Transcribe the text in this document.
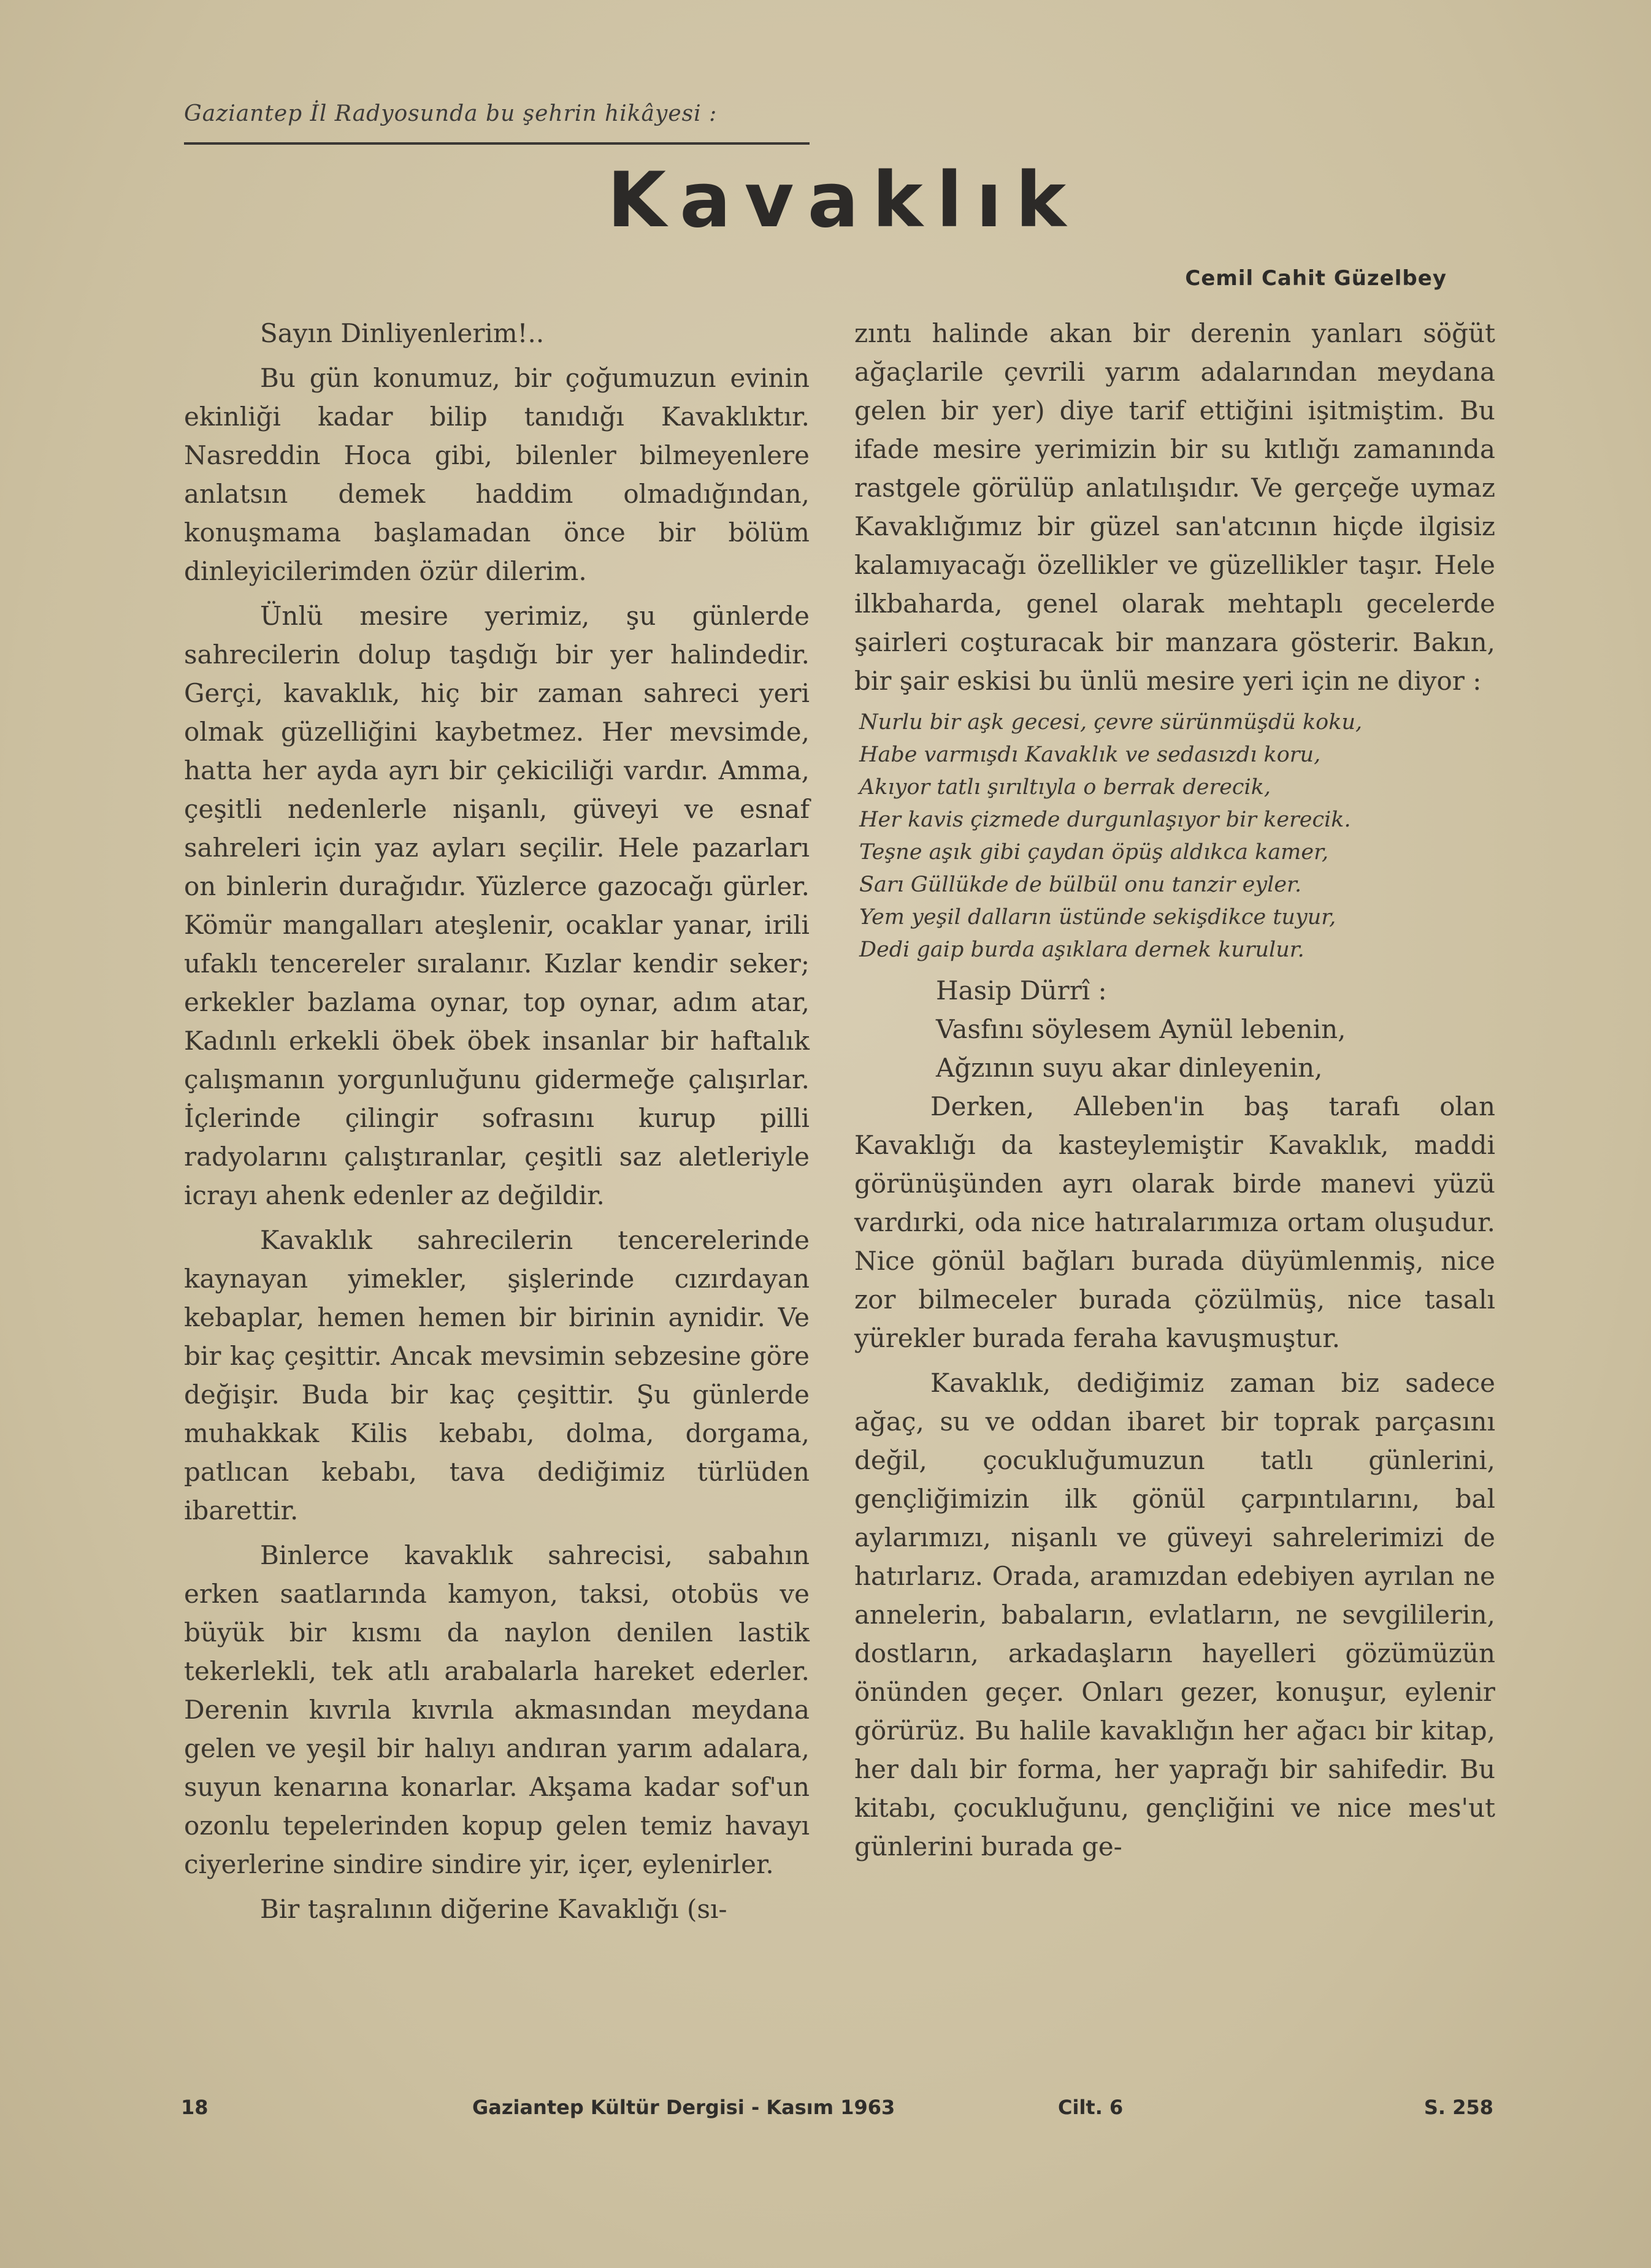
Gaziantep İl Radyosunda bu şehrin hikâyesi :
Kavaklık
Cemil Cahit Güzelbey

Sayın Dinliyenlerim!..

Bu gün konumuz, bir çoğumuzun evinin ekinliği kadar bilip tanıdığı Kavaklıktır. Nasreddin Hoca gibi, bilenler bilmeyenlere anlatsın demek haddim olmadığından, konuşmama başlamadan önce bir bölüm dinleyicilerimden özür dilerim.

Ünlü mesire yerimiz, şu günlerde sahrecilerin dolup taşdığı bir yer halindedir. Gerçi, kavaklık, hiç bir zaman sahreci yeri olmak güzelliğini kaybetmez. Her mevsimde, hatta her ayda ayrı bir çekiciliği vardır. Amma, çeşitli nedenlerle nişanlı, güveyi ve esnaf sahreleri için yaz ayları seçilir. Hele pazarları on binlerin durağıdır. Yüzlerce gazocağı gürler. Kömür mangalları ateşlenir, ocaklar yanar, irili ufaklı tencereler sıralanır. Kızlar kendir seker; erkekler bazlama oynar, top oynar, adım atar, Kadınlı erkekli öbek öbek insanlar bir haftalık çalışmanın yorgunluğunu gidermeğe çalışırlar. İçlerinde çilingir sofrasını kurup pilli radyolarını çalıştıranlar, çeşitli saz aletleriyle icrayı ahenk edenler az değildir.

Kavaklık sahrecilerin tencerelerinde kaynayan yimekler, şişlerinde cızırdayan kebaplar, hemen hemen bir birinin aynidir. Ve bir kaç çeşittir. Ancak mevsimin sebzesine göre değişir. Buda bir kaç çeşittir. Şu günlerde muhakkak Kilis kebabı, dolma, dorgama, patlıcan kebabı, tava dediğimiz türlüden ibarettir.

Binlerce kavaklık sahrecisi, sabahın erken saatlarında kamyon, taksi, otobüs ve büyük bir kısmı da naylon denilen lastik tekerlekli, tek atlı arabalarla hareket ederler. Derenin kıvrıla kıvrıla akmasından meydana gelen ve yeşil bir halıyı andıran yarım adalara, suyun kenarına konarlar. Akşama kadar sof'un ozonlu tepelerinden kopup gelen temiz havayı ciyerlerine sindire sindire yir, içer, eylenirler.

Bir taşralının diğerine Kavaklığı (sı-

zıntı halinde akan bir derenin yanları söğüt ağaçlarile çevrili yarım adalarından meydana gelen bir yer) diye tarif ettiğini işitmiştim. Bu ifade mesire yerimizin bir su kıtlığı zamanında rastgele görülüp anlatılışıdır. Ve gerçeğe uymaz Kavaklığımız bir güzel san'atcının hiçde ilgisiz kalamıyacağı özellikler ve güzellikler taşır. Hele ilkbaharda, genel olarak mehtaplı gecelerde şairleri coşturacak bir manzara gösterir. Bakın, bir şair eskisi bu ünlü mesire yeri için ne diyor :

Nurlu bir aşk gecesi, çevre sürünmüşdü koku,
Habe varmışdı Kavaklık ve sedasızdı koru,
Akıyor tatlı şırıltıyla o berrak derecik,
Her kavis çizmede durgunlaşıyor bir kerecik.
Teşne aşık gibi çaydan öpüş aldıkca kamer,
Sarı Güllükde de bülbül onu tanzir eyler.
Yem yeşil dalların üstünde sekişdikce tuyur,
Dedi gaip burda aşıklara dernek kurulur.
Hasip Dürrî :
Vasfını söylesem Aynül lebenin,
Ağzının suyu akar dinleyenin,

Derken, Alleben'in baş tarafı olan Kavaklığı da kasteylemiştir Kavaklık, maddi görünüşünden ayrı olarak birde manevi yüzü vardırki, oda nice hatıralarımıza ortam oluşudur. Nice gönül bağları burada düyümlenmiş, nice zor bilmeceler burada çözülmüş, nice tasalı yürekler burada feraha kavuşmuştur.

Kavaklık, dediğimiz zaman biz sadece ağaç, su ve oddan ibaret bir toprak parçasını değil, çocukluğumuzun tatlı günlerini, gençliğimizin ilk gönül çarpıntılarını, bal aylarımızı, nişanlı ve güveyi sahrelerimizi de hatırlarız. Orada, aramızdan edebiyen ayrılan ne annelerin, babaların, evlatların, ne sevgililerin, dostların, arkadaşların hayelleri gözümüzün önünden geçer. Onları gezer, konuşur, eylenir görürüz. Bu halile kavaklığın her ağacı bir kitap, her dalı bir forma, her yaprağı bir sahifedir. Bu kitabı, çocukluğunu, gençliğini ve nice mes'ut günlerini burada ge-

18	Gaziantep Kültür Dergisi - Kasım 1963	Cilt. 6	S. 258
